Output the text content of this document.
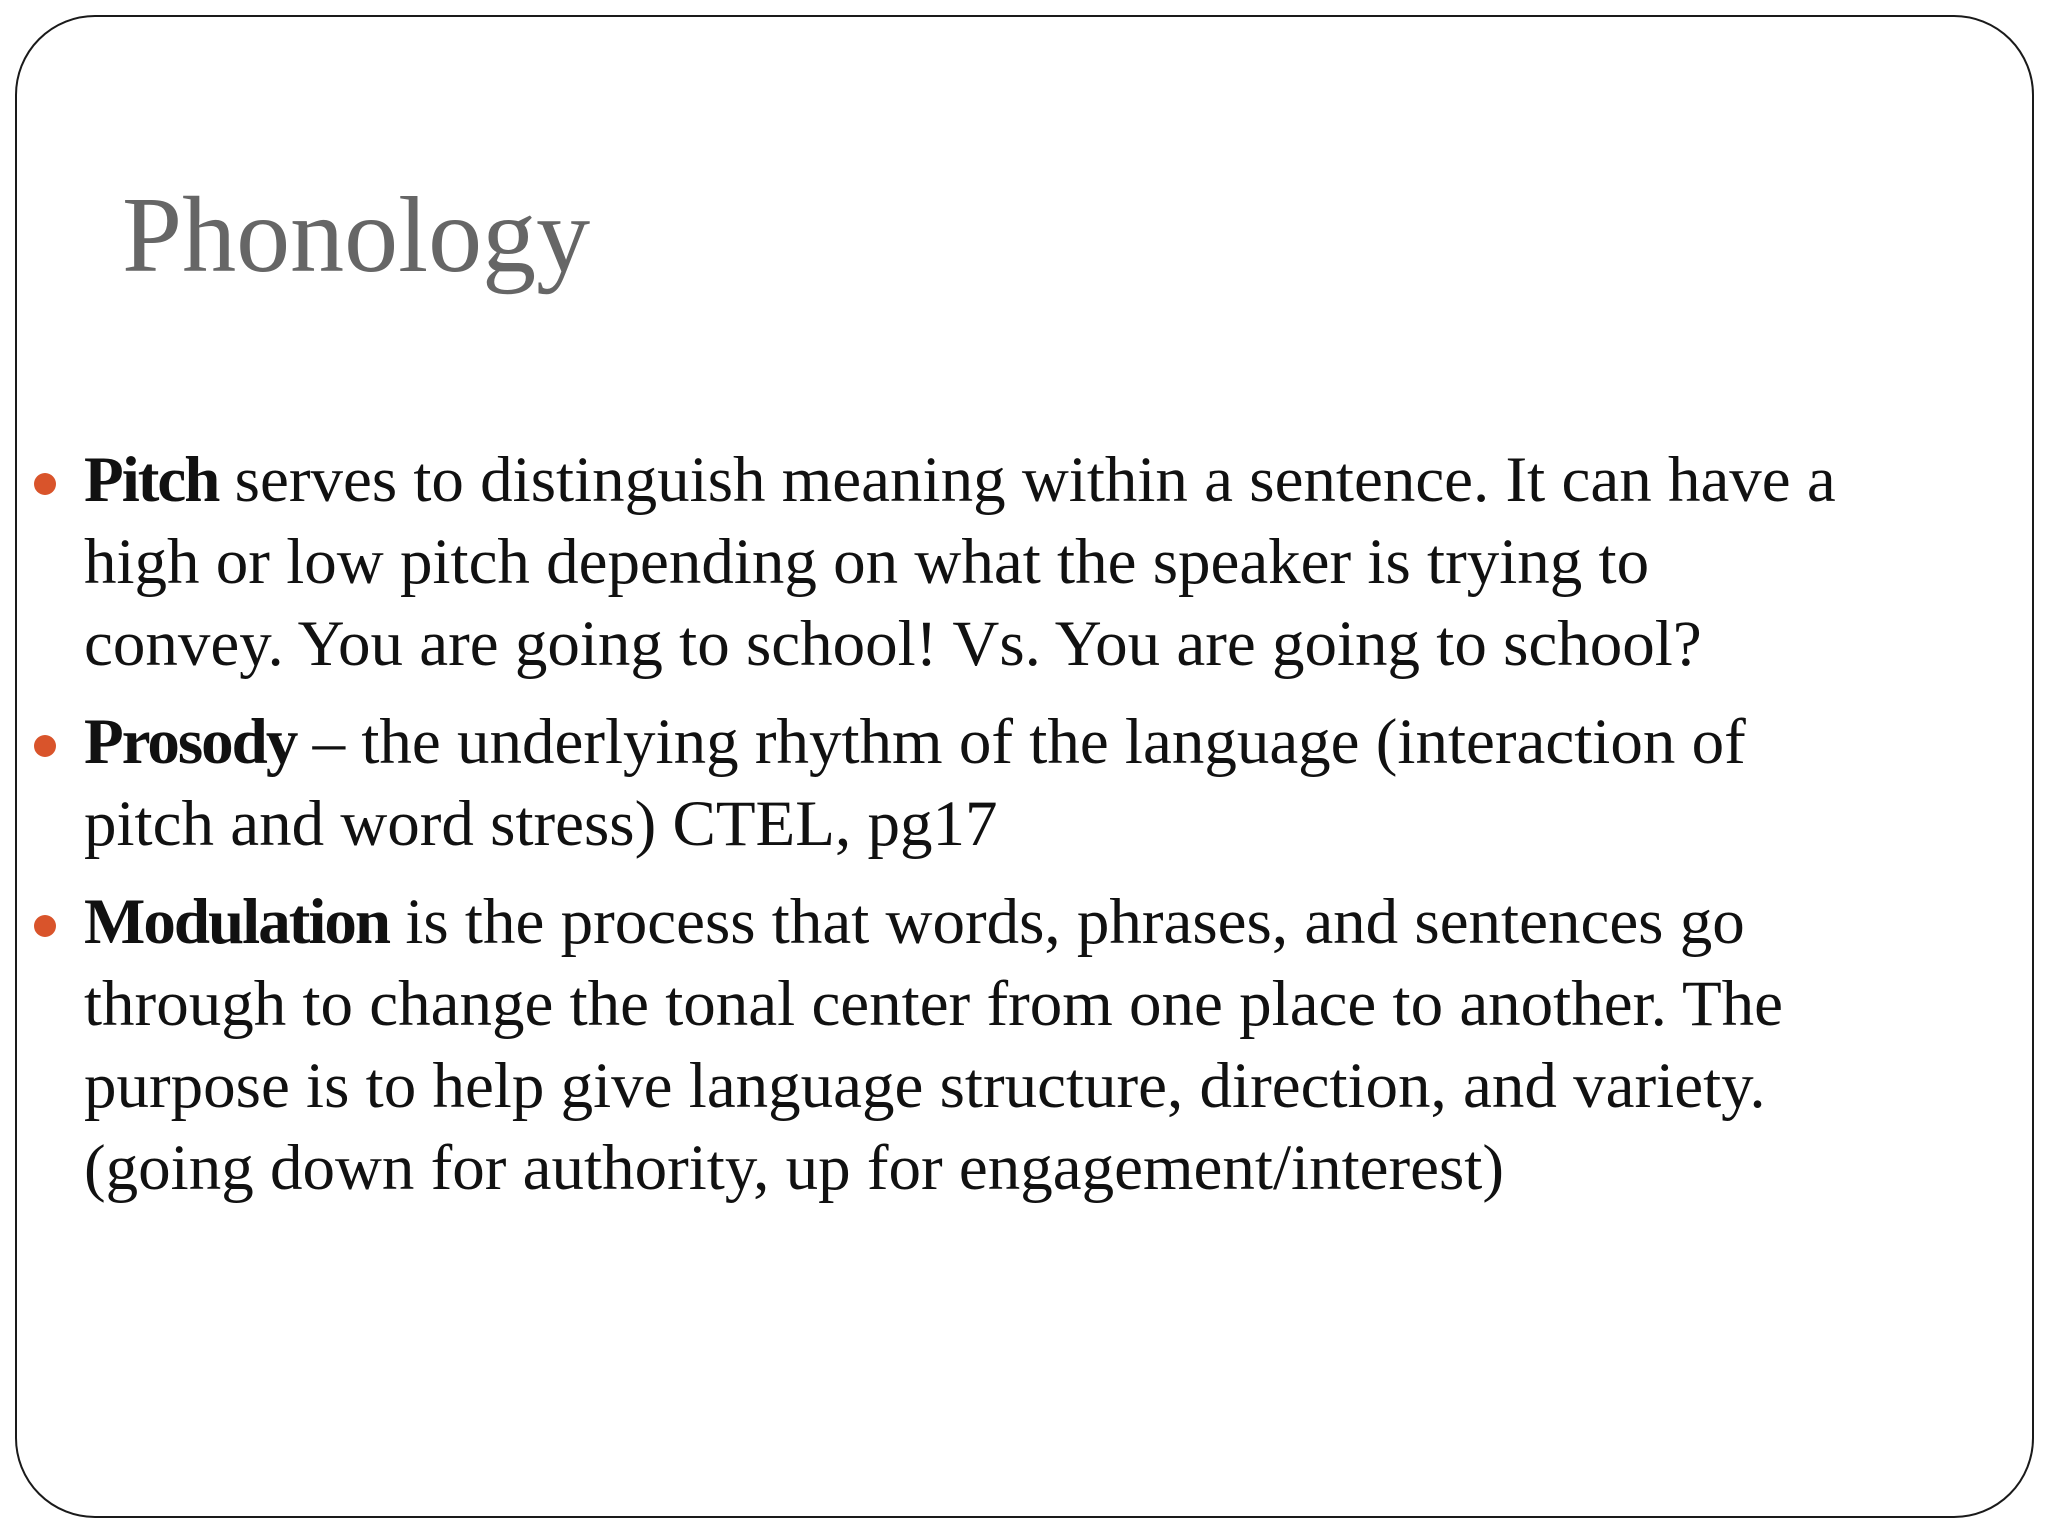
Phonology
Pitch serves to distinguish meaning within a sentence. It can have a
high or low pitch depending on what the speaker is trying to
convey. You are going to school! Vs. You are going to school?
Prosody – the underlying rhythm of the language (interaction of
pitch and word stress) CTEL, pg17
Modulation is the process that words, phrases, and sentences go
through to change the tonal center from one place to another. The
purpose is to help give language structure, direction, and variety.
(going down for authority, up for engagement/interest)
